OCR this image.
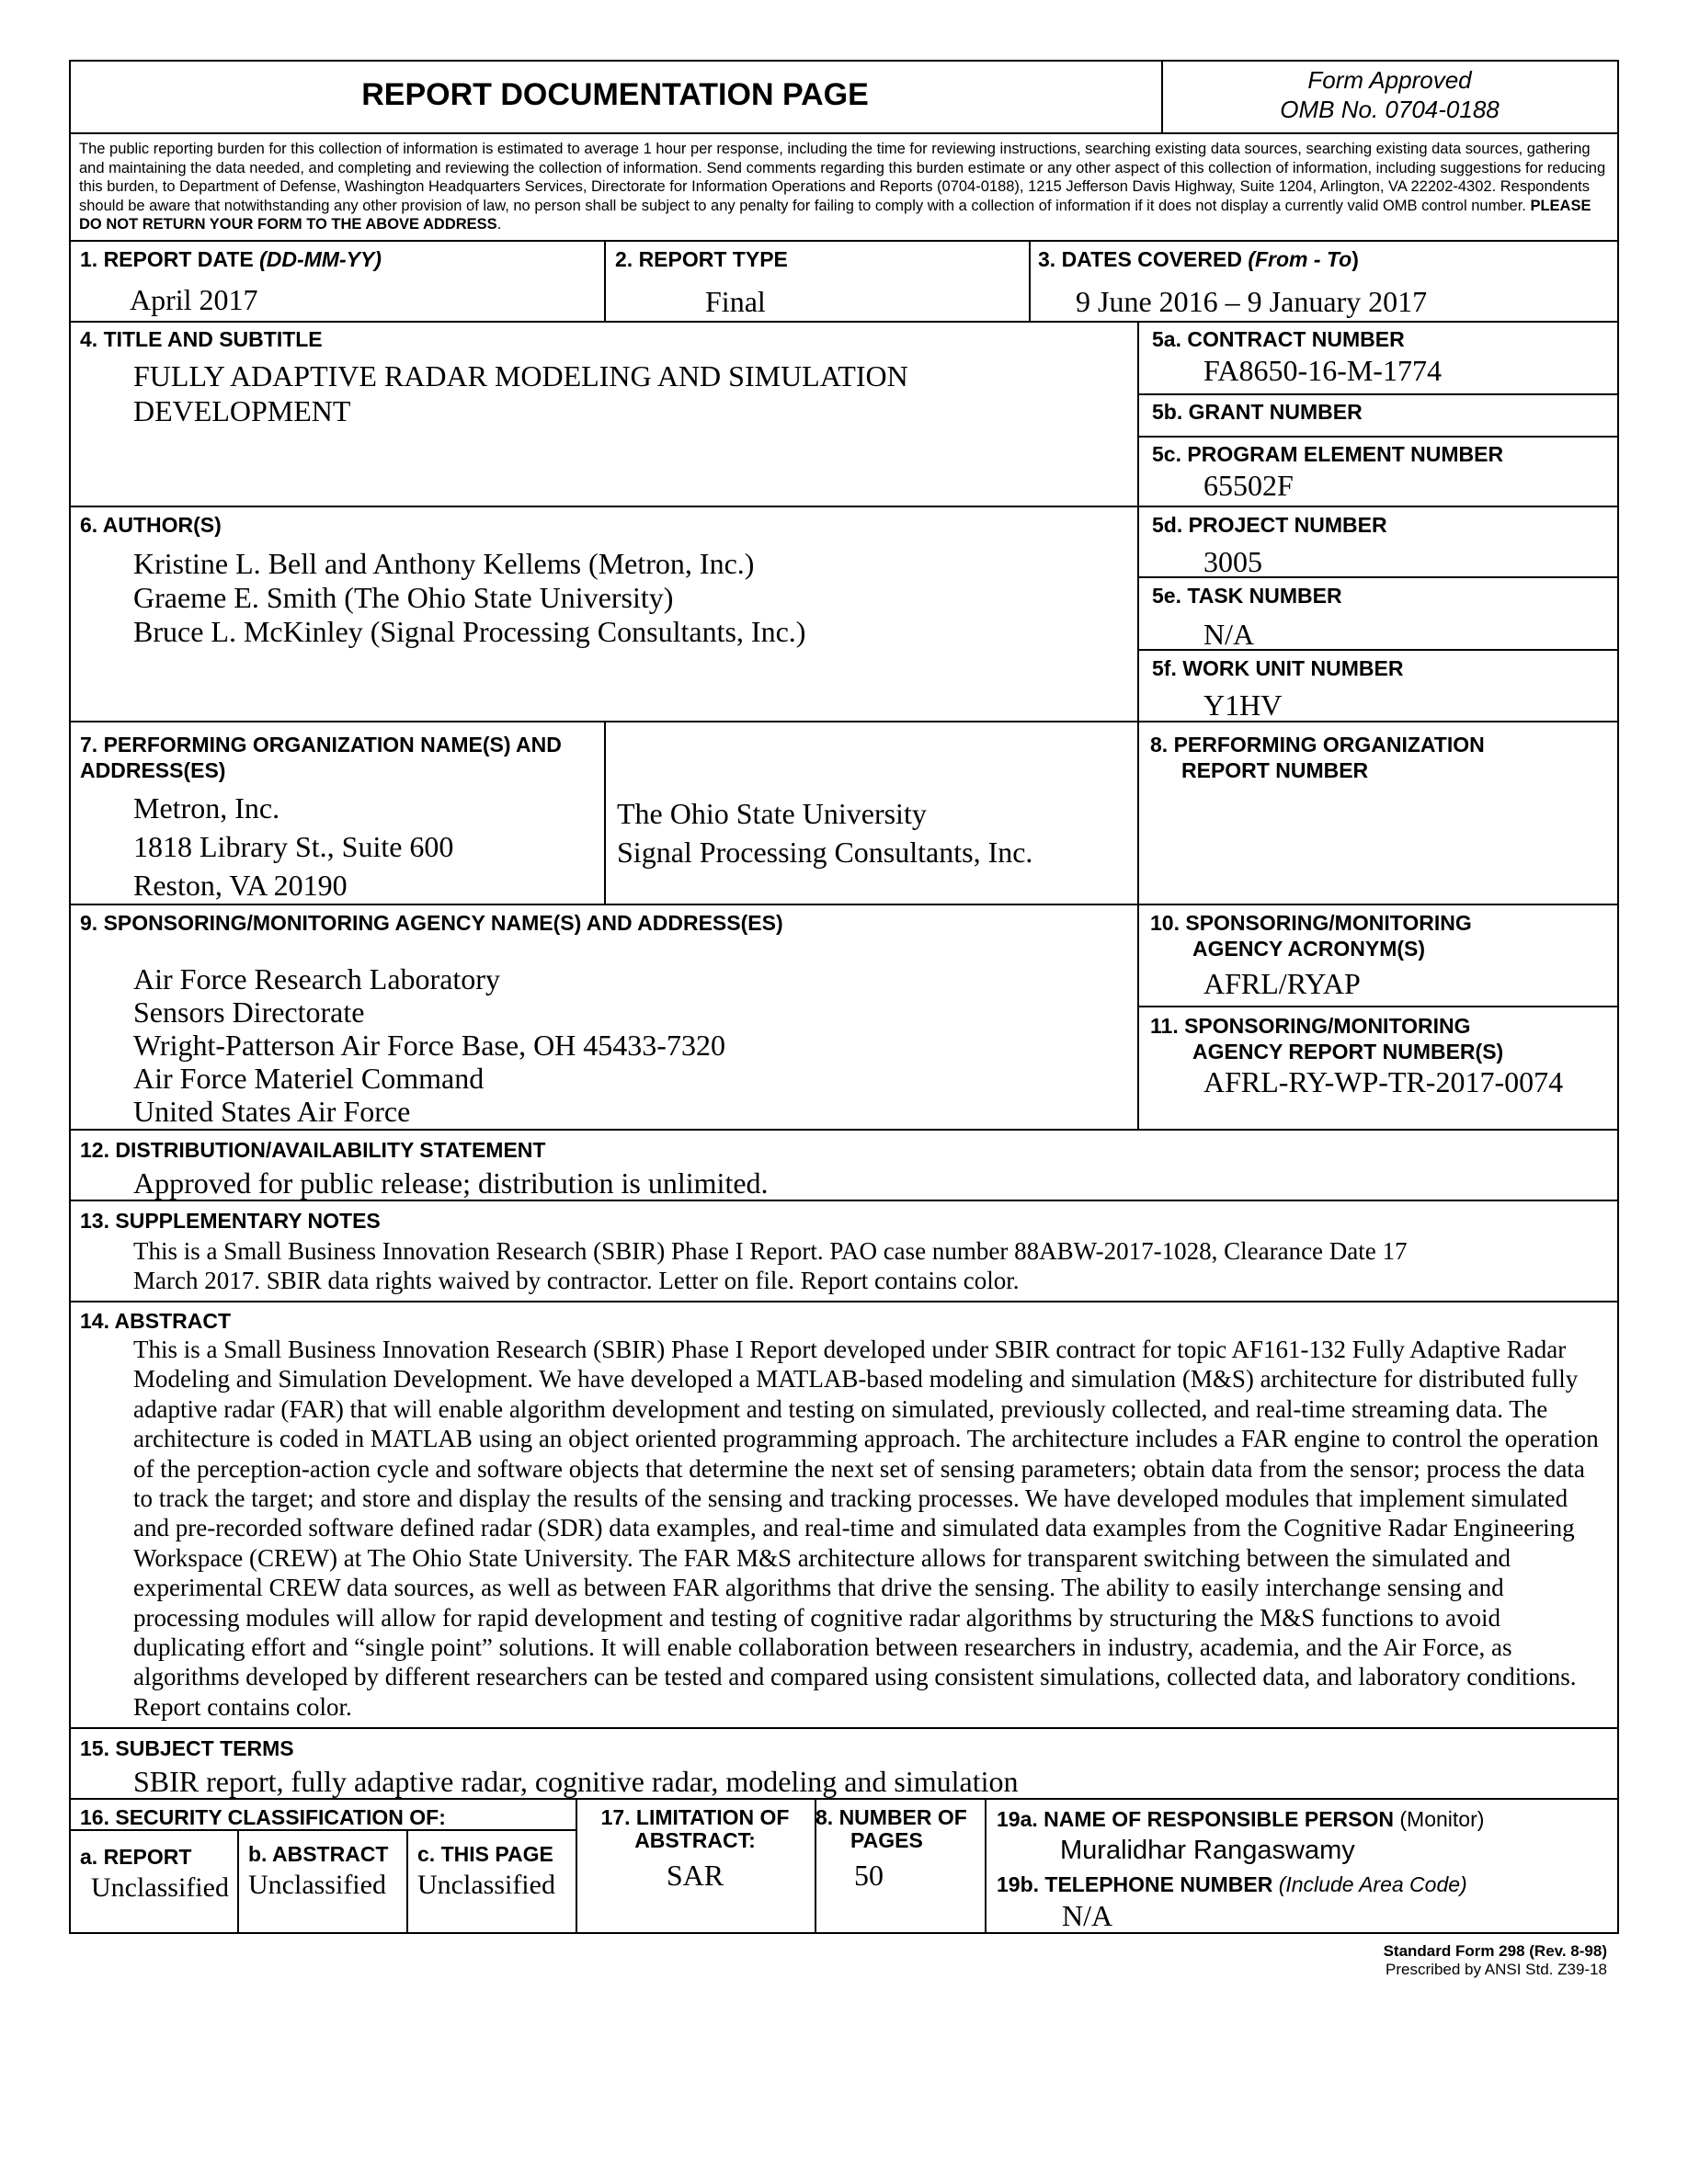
REPORT DOCUMENTATION PAGE	Form Approved
OMB No. 0704-0188
The public reporting burden for this collection of information is estimated to average 1 hour per response, including the time for reviewing instructions, searching existing data sources, searching existing data sources, gathering and maintaining the data needed, and completing and reviewing the collection of information. Send comments regarding this burden estimate or any other aspect of this collection of information, including suggestions for reducing this burden, to Department of Defense, Washington Headquarters Services, Directorate for Information Operations and Reports (0704-0188), 1215 Jefferson Davis Highway, Suite 1204, Arlington, VA 22202-4302. Respondents should be aware that notwithstanding any other provision of law, no person shall be subject to any penalty for failing to comply with a collection of information if it does not display a currently valid OMB control number. PLEASE DO NOT RETURN YOUR FORM TO THE ABOVE ADDRESS.
1. REPORT DATE (DD-MM-YY)
April 2017
2. REPORT TYPE
Final
3. DATES COVERED (From - To)
9 June 2016 – 9 January 2017
4. TITLE AND SUBTITLE
FULLY ADAPTIVE RADAR MODELING AND SIMULATION
DEVELOPMENT
5a. CONTRACT NUMBER
FA8650-16-M-1774
5b. GRANT NUMBER
5c. PROGRAM ELEMENT NUMBER
65502F
6. AUTHOR(S)
Kristine L. Bell and Anthony Kellems (Metron, Inc.)
Graeme E. Smith (The Ohio State University)
Bruce L. McKinley (Signal Processing Consultants, Inc.)
5d. PROJECT NUMBER
3005
5e. TASK NUMBER
N/A
5f. WORK UNIT NUMBER
Y1HV
7. PERFORMING ORGANIZATION NAME(S) AND
ADDRESS(ES)
Metron, Inc.
1818 Library St., Suite 600
Reston, VA 20190
The Ohio State University
Signal Processing Consultants, Inc.
8. PERFORMING ORGANIZATION
REPORT NUMBER
9. SPONSORING/MONITORING AGENCY NAME(S) AND ADDRESS(ES)
Air Force Research Laboratory
Sensors Directorate
Wright-Patterson Air Force Base, OH 45433-7320
Air Force Materiel Command
United States Air Force
10. SPONSORING/MONITORING
AGENCY ACRONYM(S)
AFRL/RYAP
11. SPONSORING/MONITORING
AGENCY REPORT NUMBER(S)
AFRL-RY-WP-TR-2017-0074
12. DISTRIBUTION/AVAILABILITY STATEMENT
Approved for public release; distribution is unlimited.
13. SUPPLEMENTARY NOTES
This is a Small Business Innovation Research (SBIR) Phase I Report. PAO case number 88ABW-2017-1028, Clearance Date 17
March 2017. SBIR data rights waived by contractor. Letter on file. Report contains color.
14. ABSTRACT
This is a Small Business Innovation Research (SBIR) Phase I Report developed under SBIR contract for topic AF161-132 Fully Adaptive Radar Modeling and Simulation Development. We have developed a MATLAB-based modeling and simulation (M&S) architecture for distributed fully adaptive radar (FAR) that will enable algorithm development and testing on simulated, previously collected, and real-time streaming data. The architecture is coded in MATLAB using an object oriented programming approach. The architecture includes a FAR engine to control the operation of the perception-action cycle and software objects that determine the next set of sensing parameters; obtain data from the sensor; process the data to track the target; and store and display the results of the sensing and tracking processes. We have developed modules that implement simulated and pre-recorded software defined radar (SDR) data examples, and real-time and simulated data examples from the Cognitive Radar Engineering Workspace (CREW) at The Ohio State University. The FAR M&S architecture allows for transparent switching between the simulated and experimental CREW data sources, as well as between FAR algorithms that drive the sensing. The ability to easily interchange sensing and processing modules will allow for rapid development and testing of cognitive radar algorithms by structuring the M&S functions to avoid duplicating effort and “single point” solutions. It will enable collaboration between researchers in industry, academia, and the Air Force, as algorithms developed by different researchers can be tested and compared using consistent simulations, collected data, and laboratory conditions. Report contains color.
15. SUBJECT TERMS
SBIR report, fully adaptive radar, cognitive radar, modeling and simulation
16. SECURITY CLASSIFICATION OF:
a. REPORT
Unclassified
b. ABSTRACT
Unclassified
c. THIS PAGE
Unclassified
17. LIMITATION OF
ABSTRACT:
SAR
8. NUMBER OF
PAGES
50
19a. NAME OF RESPONSIBLE PERSON (Monitor)
Muralidhar Rangaswamy
19b. TELEPHONE NUMBER (Include Area Code)
N/A
Standard Form 298 (Rev. 8-98)
Prescribed by ANSI Std. Z39-18
